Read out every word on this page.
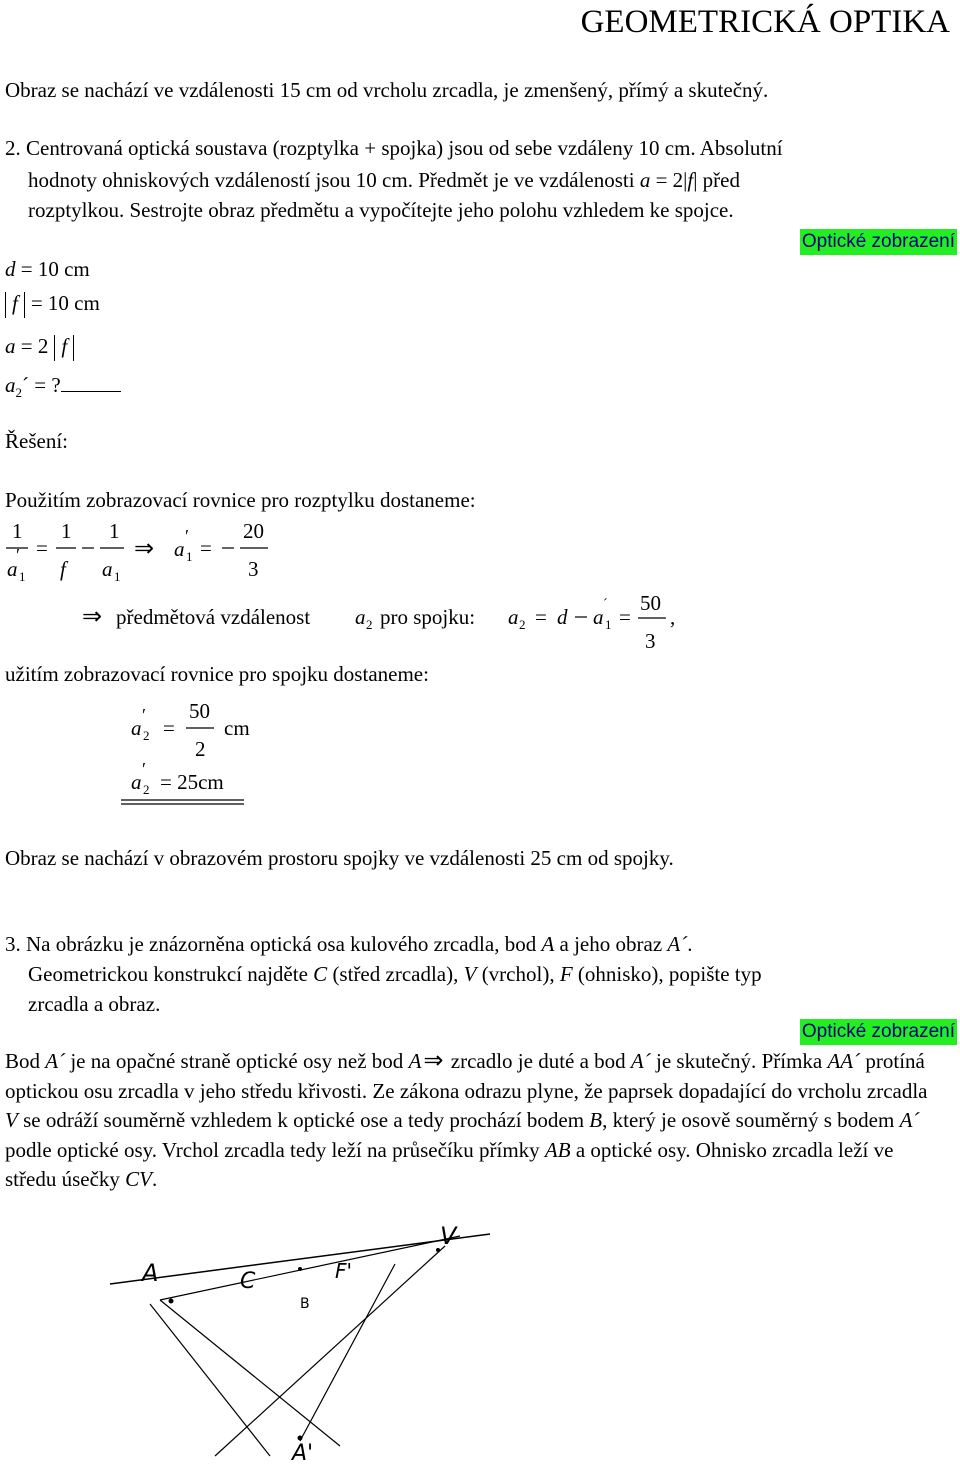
GEOMETRICKÁ OPTIKA
Obraz se nachází ve vzdálenosti 15 cm od vrcholu zrcadla, je zmenšený, přímý a skutečný.
2. Centrovaná optická soustava (rozptylka + spojka) jsou od sebe vzdáleny 10 cm. Absolutní
hodnoty ohniskových vzdáleností jsou 10 cm. Předmět je ve vzdálenosti a = 2|f| před
rozptylkou. Sestrojte obraz předmětu a vypočítejte jeho polohu vzhledem ke spojce.
Optické zobrazení
d = 10 cm
f = 10 cm
a = 2 f
$a_2´$ = ?
Řešení:
Použitím zobrazovací rovnice pro rozptylku dostaneme:
1
a 1
′ =
1
f
1
a 1
⇒ a 1
′ =
20
3
⇒ předmětová vzdálenost a 2 pro spojku: a 2 = d a 1
´
=
50
3
,
užitím zobrazovací rovnice pro spojku dostaneme:
a 2
′
=
50
2
cm
a 2
′
= 25cm
Obraz se nachází v obrazovém prostoru spojky ve vzdálenosti 25 cm od spojky.
3. Na obrázku je znázorněna optická osa kulového zrcadla, bod A a jeho obraz A´.
Geometrickou konstrukcí najděte C (střed zrcadla), V (vrchol), F (ohnisko), popište typ
zrcadla a obraz.
Optické zobrazení
Bod A´ je na opačné straně optické osy než bod A⇒ zrcadlo je duté a bod A´ je skutečný. Přímka AA´ protíná optickou osu zrcadla v jeho středu křivosti. Ze zákona odrazu plyne, že paprsek dopadající do vrcholu zrcadla V se odráží souměrně vzhledem k optické ose a tedy prochází bodem B, který je osově souměrný s bodem A´ podle optické osy. Vrchol zrcadla tedy leží na průsečíku přímky AB a optické osy. Ohnisko zrcadla leží ve středu úsečky CV.
A
B
V
C	F'
A'
